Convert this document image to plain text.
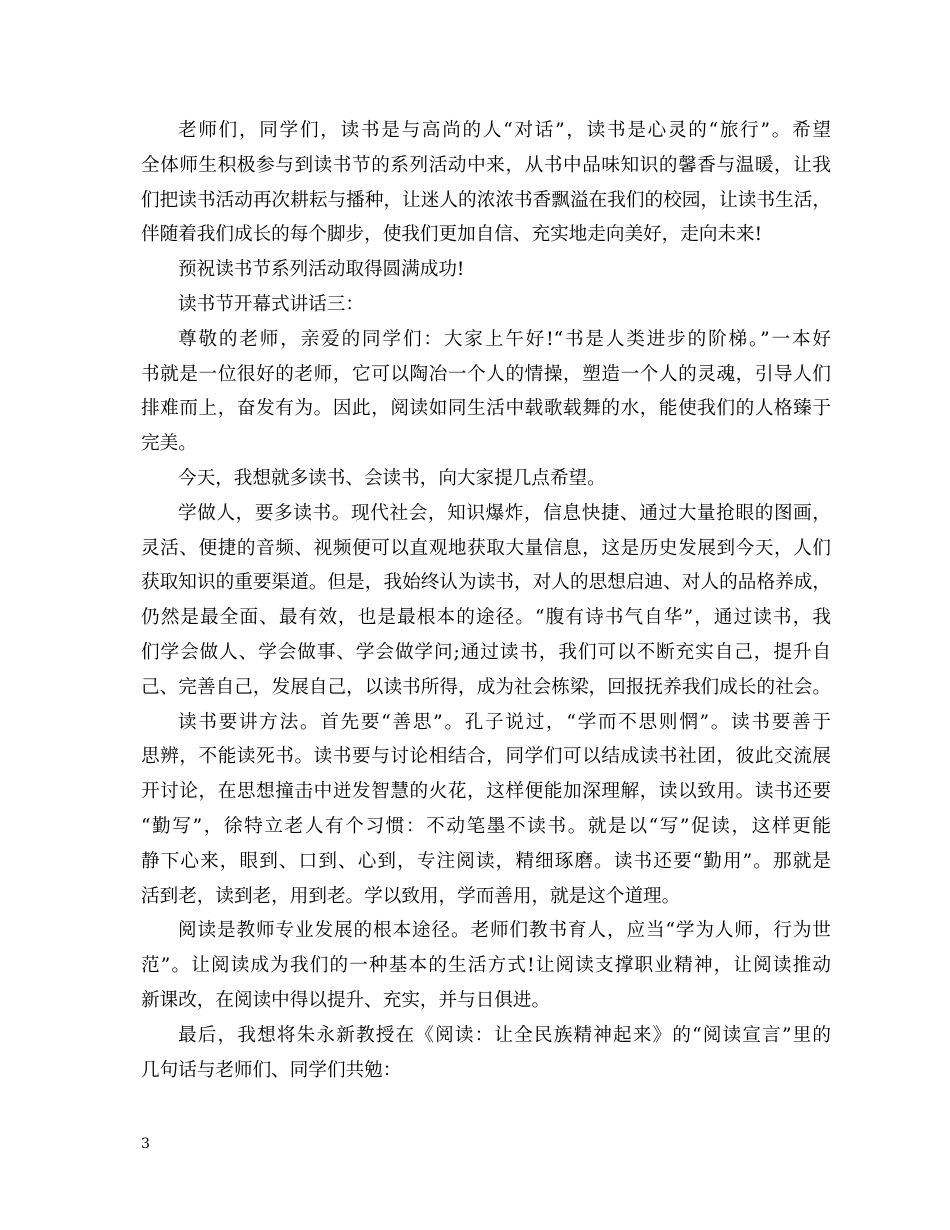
老师们，同学们，读书是与高尚的人“对话”，读书是心灵的“旅行”。希望
全体师生积极参与到读书节的系列活动中来，从书中品味知识的馨香与温暖，让我
们把读书活动再次耕耘与播种，让迷人的浓浓书香飘溢在我们的校园，让读书生活，
伴随着我们成长的每个脚步，使我们更加自信、充实地走向美好，走向未来!
预祝读书节系列活动取得圆满成功!
读书节开幕式讲话三：
尊敬的老师，亲爱的同学们：大家上午好!“书是人类进步的阶梯。”一本好
书就是一位很好的老师，它可以陶冶一个人的情操，塑造一个人的灵魂，引导人们
排难而上，奋发有为。因此，阅读如同生活中载歌载舞的水，能使我们的人格臻于
完美。
今天，我想就多读书、会读书，向大家提几点希望。
学做人，要多读书。现代社会，知识爆炸，信息快捷、通过大量抢眼的图画，
灵活、便捷的音频、视频便可以直观地获取大量信息，这是历史发展到今天，人们
获取知识的重要渠道。但是，我始终认为读书，对人的思想启迪、对人的品格养成，
仍然是最全面、最有效，也是最根本的途径。“腹有诗书气自华”，通过读书，我
们学会做人、学会做事、学会做学问;通过读书，我们可以不断充实自己，提升自
己、完善自己，发展自己，以读书所得，成为社会栋梁，回报抚养我们成长的社会。
读书要讲方法。首先要“善思”。孔子说过，“学而不思则惘”。读书要善于
思辨，不能读死书。读书要与讨论相结合，同学们可以结成读书社团，彼此交流展
开讨论，在思想撞击中迸发智慧的火花，这样便能加深理解，读以致用。读书还要
“勤写”，徐特立老人有个习惯：不动笔墨不读书。就是以“写”促读，这样更能
静下心来，眼到、口到、心到，专注阅读，精细琢磨。读书还要“勤用”。那就是
活到老，读到老，用到老。学以致用，学而善用，就是这个道理。
阅读是教师专业发展的根本途径。老师们教书育人，应当“学为人师，行为世
范”。让阅读成为我们的一种基本的生活方式!让阅读支撑职业精神，让阅读推动
新课改，在阅读中得以提升、充实，并与日俱进。
最后，我想将朱永新教授在《阅读：让全民族精神起来》的“阅读宣言”里的
几句话与老师们、同学们共勉：
3
